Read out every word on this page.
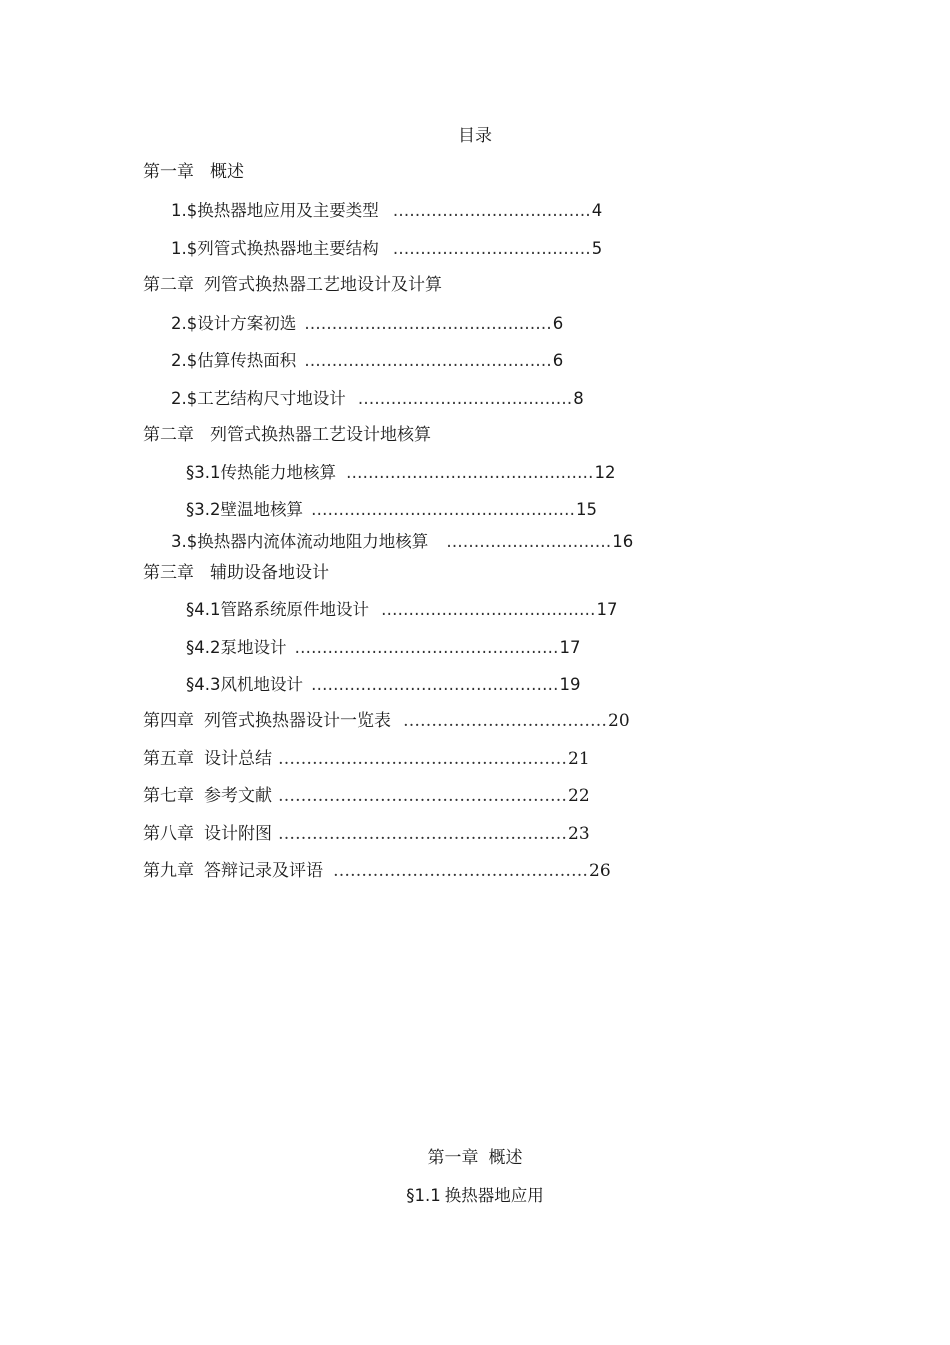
目录
第一章 概述
1.$换热器地应用及主要类型 ………………………………4
1.$列管式换热器地主要结构 ………………………………5
第二章 列管式换热器工艺地设计及计算
2.$设计方案初选 ………………………………………6
2.$估算传热面积 ………………………………………6
2.$工艺结构尺寸地设计 …………………………………8
第二章 列管式换热器工艺设计地核算
§3.1传热能力地核算 ………………………………………12
§3.2壁温地核算 …………………………………………15
3.$换热器内流体流动地阻力地核算 …………………………16
第三章 辅助设备地设计
§4.1管路系统原件地设计 …………………………………17
§4.2泵地设计 …………………………………………17
§4.3风机地设计 ………………………………………19
第四章 列管式换热器设计一览表 ………………………………20
第五章 设计总结 ……………………………………………21
第七章 参考文献 ……………………………………………22
第八章 设计附图 ……………………………………………23
第九章 答辩记录及评语 ………………………………………26
第一章 概述
§1.1 换热器地应用
